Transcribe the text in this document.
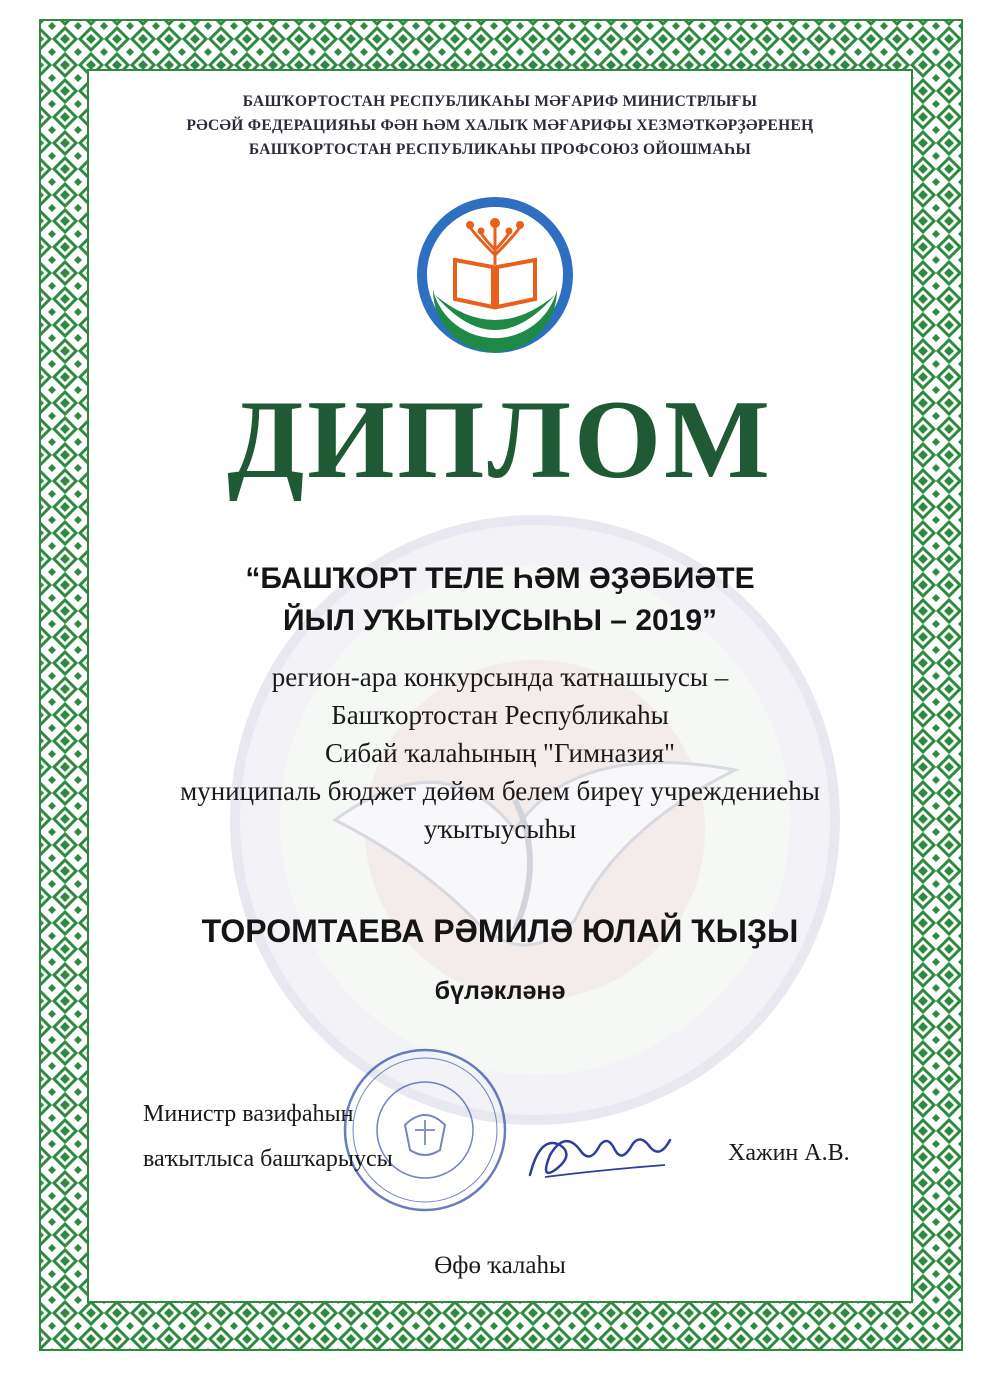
БАШҠОРТОСТАН РЕСПУБЛИКАҺЫ МӘҒАРИФ МИНИСТРЛЫҒЫ
РӘСӘЙ ФЕДЕРАЦИЯҺЫ ФӘН ҺӘМ ХАЛЫҠ МӘҒАРИФЫ ХЕЗМӘТКӘРҘӘРЕНЕҢ
БАШҠОРТОСТАН РЕСПУБЛИКАҺЫ ПРОФСОЮЗ ОЙОШМАҺЫ
ДИПЛОМ
“БАШҠОРТ ТЕЛЕ ҺӘМ ӘҘӘБИӘТЕ
ЙЫЛ УҠЫТЫУСЫҺЫ – 2019”
регион-ара конкурсында ҡатнашыусы –
Башҡортостан Республикаһы
Сибай ҡалаһының "Гимназия"
муниципаль бюджет дөйөм белем биреү учреждениеһы
уҡытыусыһы
ТОРОМТАЕВА РӘМИЛӘ ЮЛАЙ ҠЫҘЫ
бүләкләнә
Министр вазифаһын
ваҡытлыса башҡарыусы	Хажин А.В.
Өфө ҡалаһы
